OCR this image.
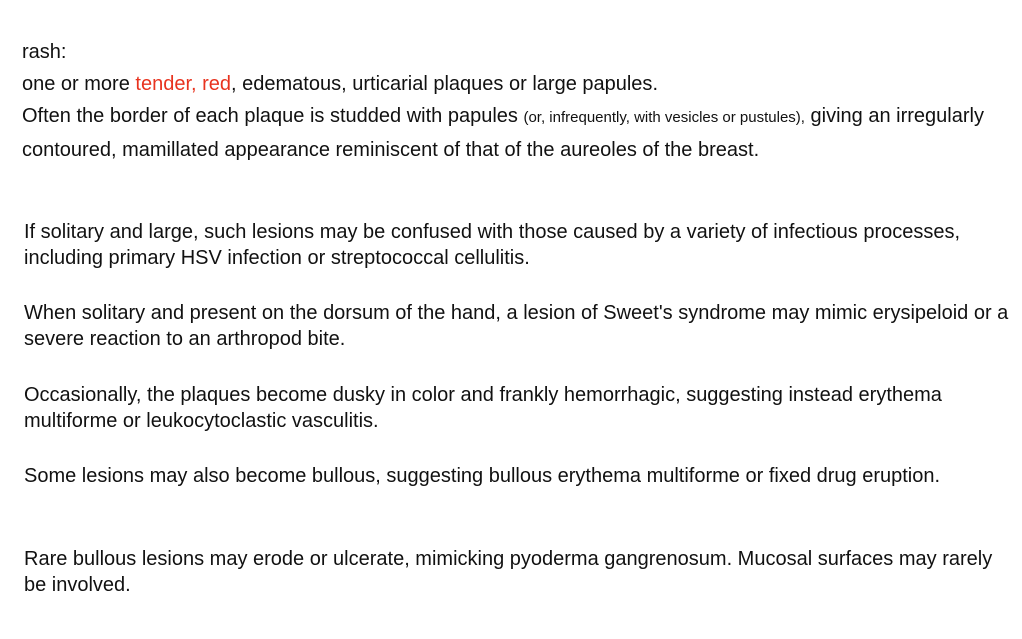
rash:

one or more tender, red, edematous, urticarial plaques or large papules.

Often the border of each plaque is studded with papules (or, infrequently, with vesicles or pustules), giving an irregularly contoured, mamillated appearance reminiscent of that of the aureoles of the breast.

If solitary and large, such lesions may be confused with those caused by a variety of infectious processes, including primary HSV infection or streptococcal cellulitis.

When solitary and present on the dorsum of the hand, a lesion of Sweet's syndrome may mimic erysipeloid or a severe reaction to an arthropod bite.

Occasionally, the plaques become dusky in color and frankly hemorrhagic, suggesting instead erythema multiforme or leukocytoclastic vasculitis.

Some lesions may also become bullous, suggesting bullous erythema multiforme or fixed drug eruption.

Rare bullous lesions may erode or ulcerate, mimicking pyoderma gangrenosum. Mucosal surfaces may rarely be involved.
